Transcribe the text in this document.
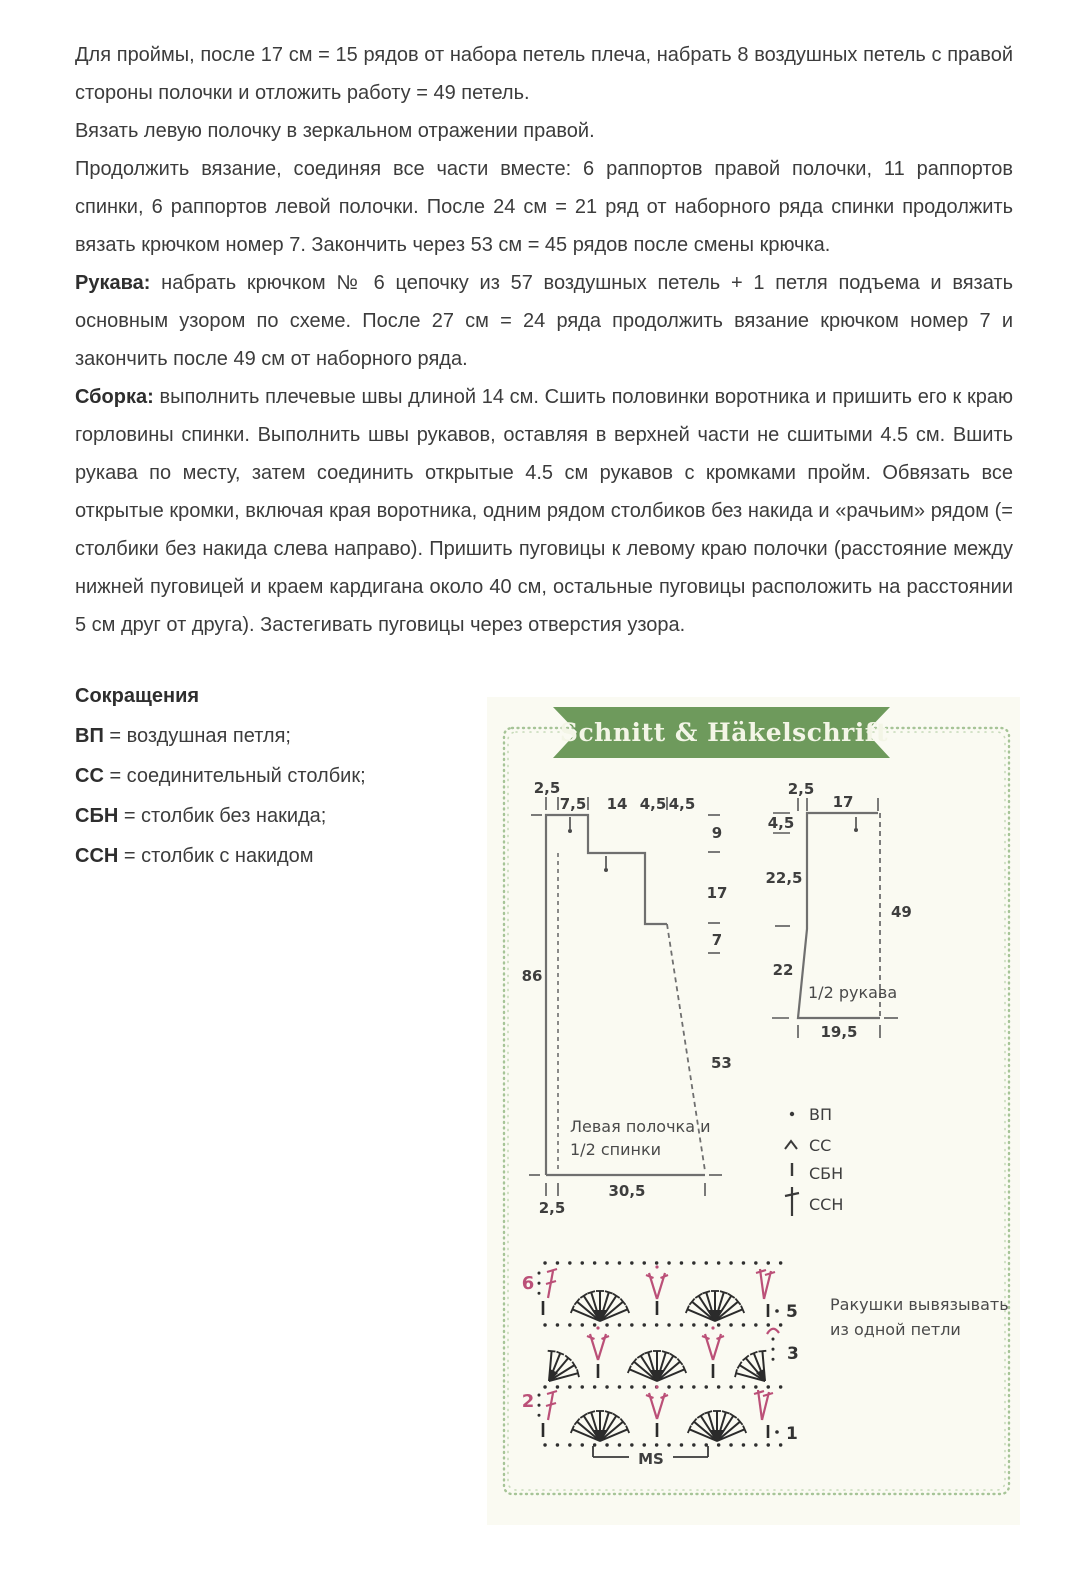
Для проймы, после 17 см = 15 рядов от набора петель плеча, набрать 8 воздушных петель с правой стороны полочки и отложить работу = 49 петель.

Вязать левую полочку в зеркальном отражении правой.

Продолжить вязание, соединяя все части вместе: 6 раппортов правой полочки, 11 раппортов спинки, 6 раппортов левой полочки. После 24 см = 21 ряд от наборного ряда спинки продолжить вязать крючком номер 7. Закончить через 53 см = 45 рядов после смены крючка.

Рукава: набрать крючком № 6 цепочку из 57 воздушных петель + 1 петля подъема и вязать основным узором по схеме. После 27 см = 24 ряда продолжить вязание крючком номер 7 и закончить после 49 см от наборного ряда.

Сборка: выполнить плечевые швы длиной 14 см. Сшить половинки воротника и пришить его к краю горловины спинки. Выполнить швы рукавов, оставляя в верхней части не сшитыми 4.5 см. Вшить рукава по месту, затем соединить открытые 4.5 см рукавов с кромками пройм. Обвязать все открытые кромки, включая края воротника, одним рядом столбиков без накида и «рачьим» рядом (= столбики без накида слева направо). Пришить пуговицы к левому краю полочки (расстояние между нижней пуговицей и краем кардигана около 40 см, остальные пуговицы расположить на расстоянии 5 см друг от друга). Застегивать пуговицы через отверстия узора.

Сокращения
ВП = воздушная петля;
СС = соединительный столбик;
СБН = столбик без накида;
ССН = столбик с накидом
Schnitt & Häkelschrift
2,5
7,5 14 4,5 4,5
9
17
7
53
86
30,5
2,5
Левая полочка и
1/2 спинки
2,5
17
4,5
22,5
22
49
19,5
1/2 рукава
ВП
СС
СБН
ССН
6
2
5
3
1
MS
Ракушки вывязывать
из одной петли
